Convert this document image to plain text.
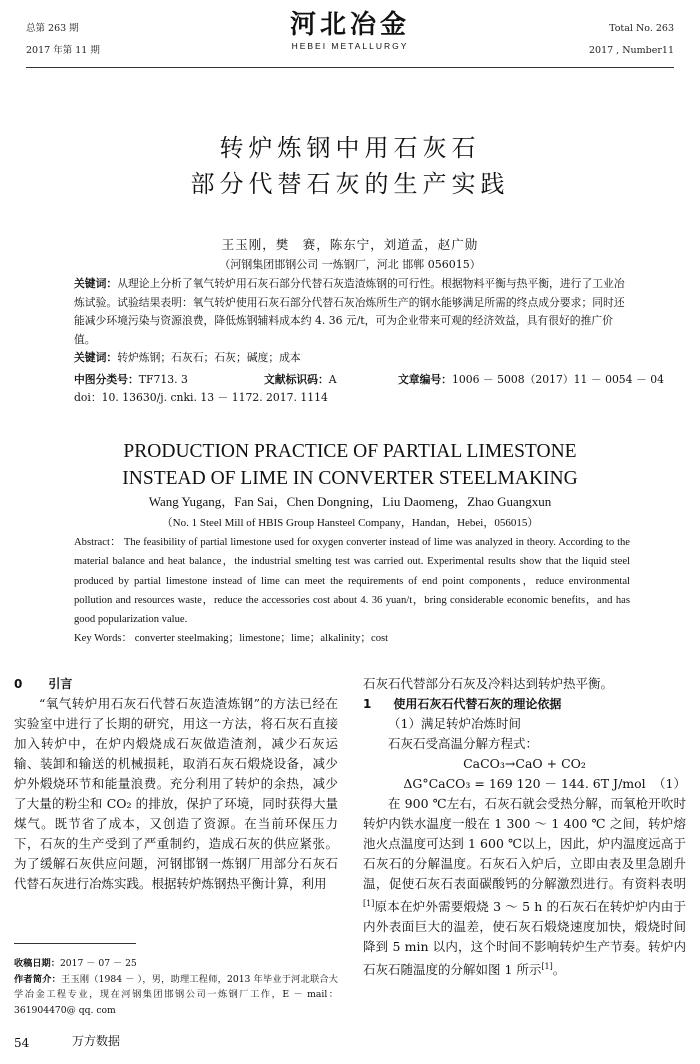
总第 263 期
2017 年第 11 期
河北冶金
HEBEI METALLURGY
Total No. 263
2017 , Number11
转炉炼钢中用石灰石
部分代替石灰的生产实践
王玉刚，樊　赛，陈东宁，刘道孟，赵广勋
（河钢集团邯钢公司 一炼钢厂，河北 邯郸 056015）
关键词：从理论上分析了氧气转炉用石灰石部分代替石灰造渣炼钢的可行性。根据物料平衡与热平衡，进行了工业冶炼试验。试验结果表明：氧气转炉使用石灰石部分代替石灰冶炼所生产的钢水能够满足所需的终点成分要求；同时还能减少环境污染与资源浪费，降低炼钢辅料成本约 4. 36 元/t，可为企业带来可观的经济效益，具有很好的推广价值。
关键词：转炉炼钢；石灰石；石灰；碱度；成本
中图分类号：TF713. 3	文献标识码：A	文章编号：1006 － 5008（2017）11 － 0054 － 04
doi：10. 13630/j. cnki. 13 － 1172. 2017. 1114
PRODUCTION PRACTICE OF PARTIAL LIMESTONE
INSTEAD OF LIME IN CONVERTER STEELMAKING
Wang Yugang，Fan Sai，Chen Dongning，Liu Daomeng，Zhao Guangxun
（No. 1 Steel Mill of HBIS Group Hansteel Company，Handan，Hebei，056015）
Abstract： The feasibility of partial limestone used for oxygen converter instead of lime was analyzed in theory. According to the material balance and heat balance，the industrial smelting test was carried out. Experimental results show that the liquid steel produced by partial limestone instead of lime can meet the requirements of end point components，reduce environmental pollution and resources waste，reduce the accessories cost about 4. 36 yuan/t，bring considerable economic benefits，and has good popularization value.
Key Words： converter steelmaking；limestone；lime；alkalinity；cost
0 引言
“氧气转炉用石灰石代替石灰造渣炼钢”的方法已经在实验室中进行了长期的研究，用这一方法，将石灰石直接加入转炉中，在炉内煅烧成石灰做造渣剂，减少石灰运输、装卸和输送的机械损耗，取消石灰石煅烧设备，减少炉外煅烧环节和能量浪费。充分利用了转炉的余热，减少了大量的粉尘和 CO₂ 的排放，保护了环境，同时获得大量煤气。既节省了成本，又创造了资源。在当前环保压力下，石灰的生产受到了严重制约，造成石灰的供应紧张。为了缓解石灰供应问题，河钢邯钢一炼钢厂用部分石灰石代替石灰进行冶炼实践。根据转炉炼钢热平衡计算，利用
石灰石代替部分石灰及冷料达到转炉热平衡。
1 使用石灰石代替石灰的理论依据
（1）满足转炉冶炼时间
石灰石受高温分解方程式：
CaCO₃→CaO + CO₂
ΔG°CaCO₃ = 169 120 － 144. 6T J/mol （1）
在 900 ℃左右，石灰石就会受热分解，而氧枪开吹时转炉内铁水温度一般在 1 300 ～ 1 400 ℃ 之间，转炉熔池火点温度可达到 1 600 ℃以上，因此，炉内温度远高于石灰石的分解温度。石灰石入炉后，立即由表及里急剧升温，促使石灰石表面碳酸钙的分解激烈进行。有资料表明[1]原本在炉外需要煅烧 3 ～ 5 h 的石灰石在转炉炉内由于内外表面巨大的温差，使石灰石煅烧速度加快，煅烧时间降到 5 min 以内，这个时间不影响转炉生产节奏。转炉内石灰石随温度的分解如图 1 所示[1]。
收稿日期：2017 － 07 － 25
作者简介：王玉刚（1984 － ），男，助理工程师，2013 年毕业于河北联合大学冶金工程专业，现在河钢集团邯钢公司一炼钢厂工作，E － mail：361904470@ qq. com
54	万方数据
